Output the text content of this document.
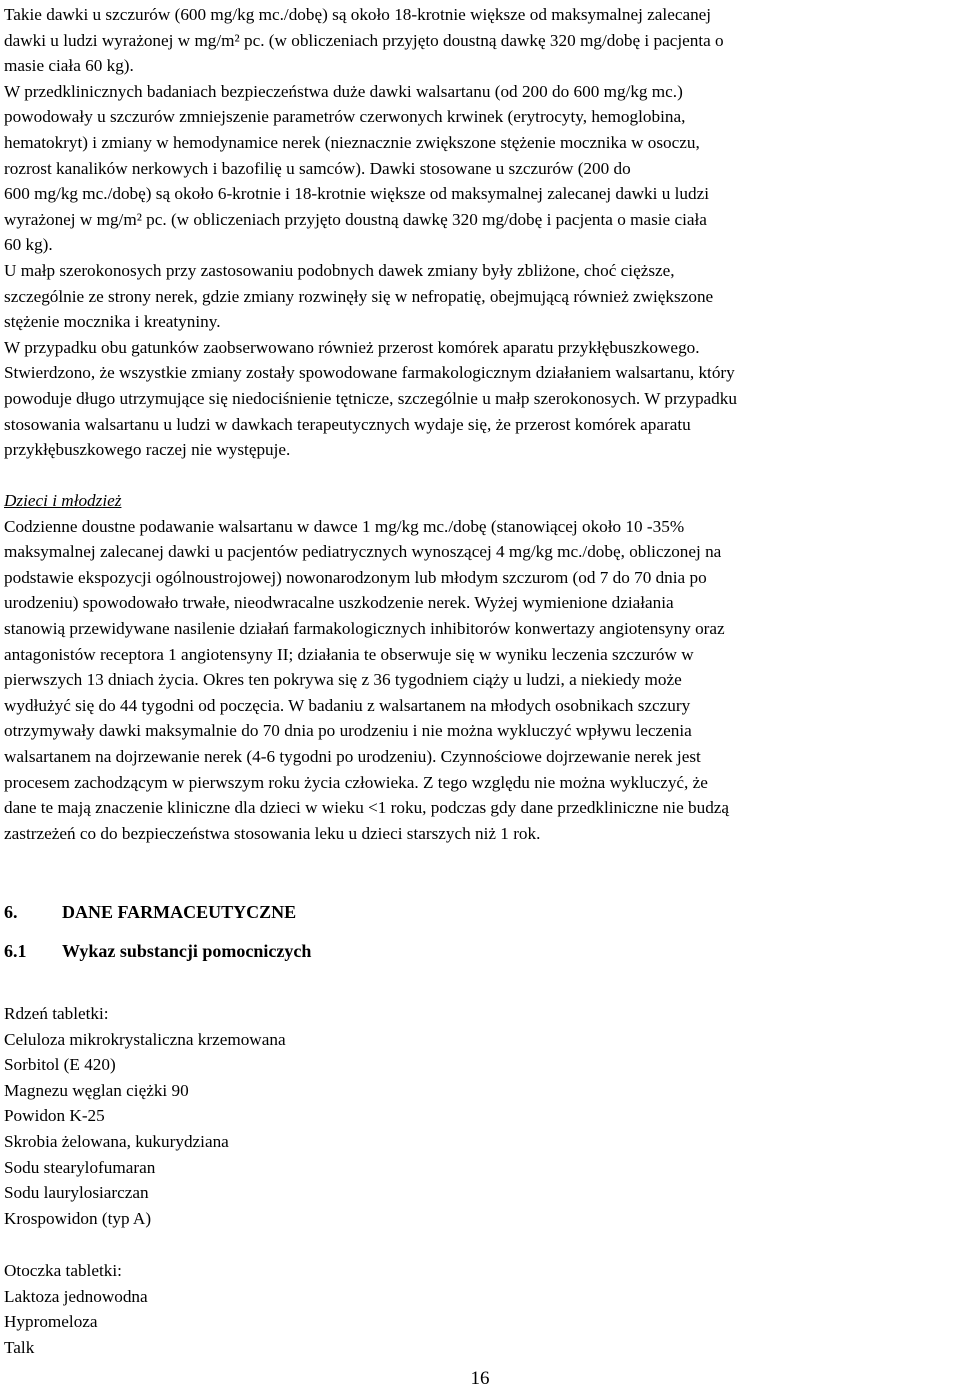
Takie dawki u szczurów (600 mg/kg mc./dobę) są około 18-krotnie większe od maksymalnej zalecanej

dawki u ludzi wyrażonej w mg/m² pc. (w obliczeniach przyjęto doustną dawkę 320 mg/dobę i pacjenta o

masie ciała 60 kg).

W przedklinicznych badaniach bezpieczeństwa duże dawki walsartanu (od 200 do 600 mg/kg mc.)

powodowały u szczurów zmniejszenie parametrów czerwonych krwinek (erytrocyty, hemoglobina,

hematokryt) i zmiany w hemodynamice nerek (nieznacznie zwiększone stężenie mocznika w osoczu,

rozrost kanalików nerkowych i bazofilię u samców). Dawki stosowane u szczurów (200 do

600 mg/kg mc./dobę) są około 6-krotnie i 18-krotnie większe od maksymalnej zalecanej dawki u ludzi

wyrażonej w mg/m² pc. (w obliczeniach przyjęto doustną dawkę 320 mg/dobę i pacjenta o masie ciała

60 kg).

U małp szerokonosych przy zastosowaniu podobnych dawek zmiany były zbliżone, choć cięższe,

szczególnie ze strony nerek, gdzie zmiany rozwinęły się w nefropatię, obejmującą również zwiększone

stężenie mocznika i kreatyniny.

W przypadku obu gatunków zaobserwowano również przerost komórek aparatu przykłębuszkowego.

Stwierdzono, że wszystkie zmiany zostały spowodowane farmakologicznym działaniem walsartanu, który

powoduje długo utrzymujące się niedociśnienie tętnicze, szczególnie u małp szerokonosych. W przypadku

stosowania walsartanu u ludzi w dawkach terapeutycznych wydaje się, że przerost komórek aparatu

przykłębuszkowego raczej nie występuje.

Dzieci i młodzież

Codzienne doustne podawanie walsartanu w dawce 1 mg/kg mc./dobę (stanowiącej około 10 -35%

maksymalnej zalecanej dawki u pacjentów pediatrycznych wynoszącej 4 mg/kg mc./dobę, obliczonej na

podstawie ekspozycji ogólnoustrojowej) nowonarodzonym lub młodym szczurom (od 7 do 70 dnia po

urodzeniu) spowodowało trwałe, nieodwracalne uszkodzenie nerek. Wyżej wymienione działania

stanowią przewidywane nasilenie działań farmakologicznych inhibitorów konwertazy angiotensyny oraz

antagonistów receptora 1 angiotensyny II; działania te obserwuje się w wyniku leczenia szczurów w

pierwszych 13 dniach życia. Okres ten pokrywa się z 36 tygodniem ciąży u ludzi, a niekiedy może

wydłużyć się do 44 tygodni od poczęcia. W badaniu z walsartanem na młodych osobnikach szczury

otrzymywały dawki maksymalnie do 70 dnia po urodzeniu i nie można wykluczyć wpływu leczenia

walsartanem na dojrzewanie nerek (4-6 tygodni po urodzeniu). Czynnościowe dojrzewanie nerek jest

procesem zachodzącym w pierwszym roku życia człowieka. Z tego względu nie można wykluczyć, że

dane te mają znaczenie kliniczne dla dzieci w wieku <1 roku, podczas gdy dane przedkliniczne nie budzą

zastrzeżeń co do bezpieczeństwa stosowania leku u dzieci starszych niż 1 rok.

6. DANE FARMACEUTYCZNE

6.1 Wykaz substancji pomocniczych

Rdzeń tabletki:

Celuloza mikrokrystaliczna krzemowana

Sorbitol (E 420)

Magnezu węglan ciężki 90

Powidon K-25

Skrobia żelowana, kukurydziana

Sodu stearylofumaran

Sodu laurylosiarczan

Krospowidon (typ A)

Otoczka tabletki:

Laktoza jednowodna

Hypromeloza

Talk

16
